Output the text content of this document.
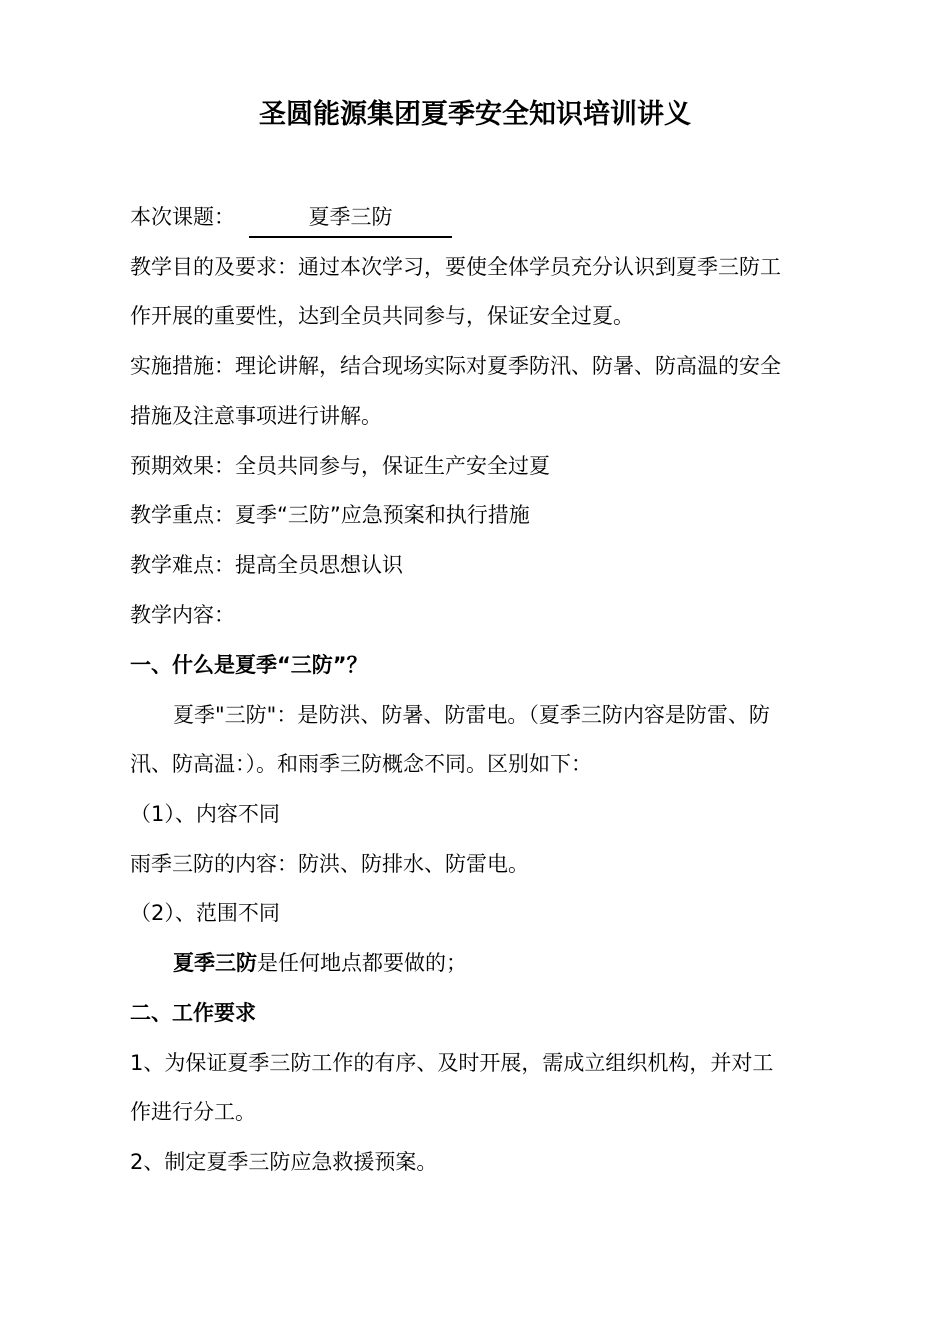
圣圆能源集团夏季安全知识培训讲义
本次课题：	夏季三防
教学目的及要求：通过本次学习，要使全体学员充分认识到夏季三防工
作开展的重要性，达到全员共同参与，保证安全过夏。
实施措施：理论讲解，结合现场实际对夏季防汛、防暑、防高温的安全
措施及注意事项进行讲解。
预期效果：全员共同参与，保证生产安全过夏
教学重点：夏季“三防”应急预案和执行措施
教学难点：提高全员思想认识
教学内容：
一、什么是夏季“三防”？
夏季"三防"：是防洪、防暑、防雷电。（夏季三防内容是防雷、防
汛、防高温：）。和雨季三防概念不同。区别如下：
（1）、内容不同
雨季三防的内容：防洪、防排水、防雷电。
（2）、范围不同
夏季三防是任何地点都要做的；
二、工作要求
1、为保证夏季三防工作的有序、及时开展，需成立组织机构，并对工
作进行分工。
2、制定夏季三防应急救援预案。
